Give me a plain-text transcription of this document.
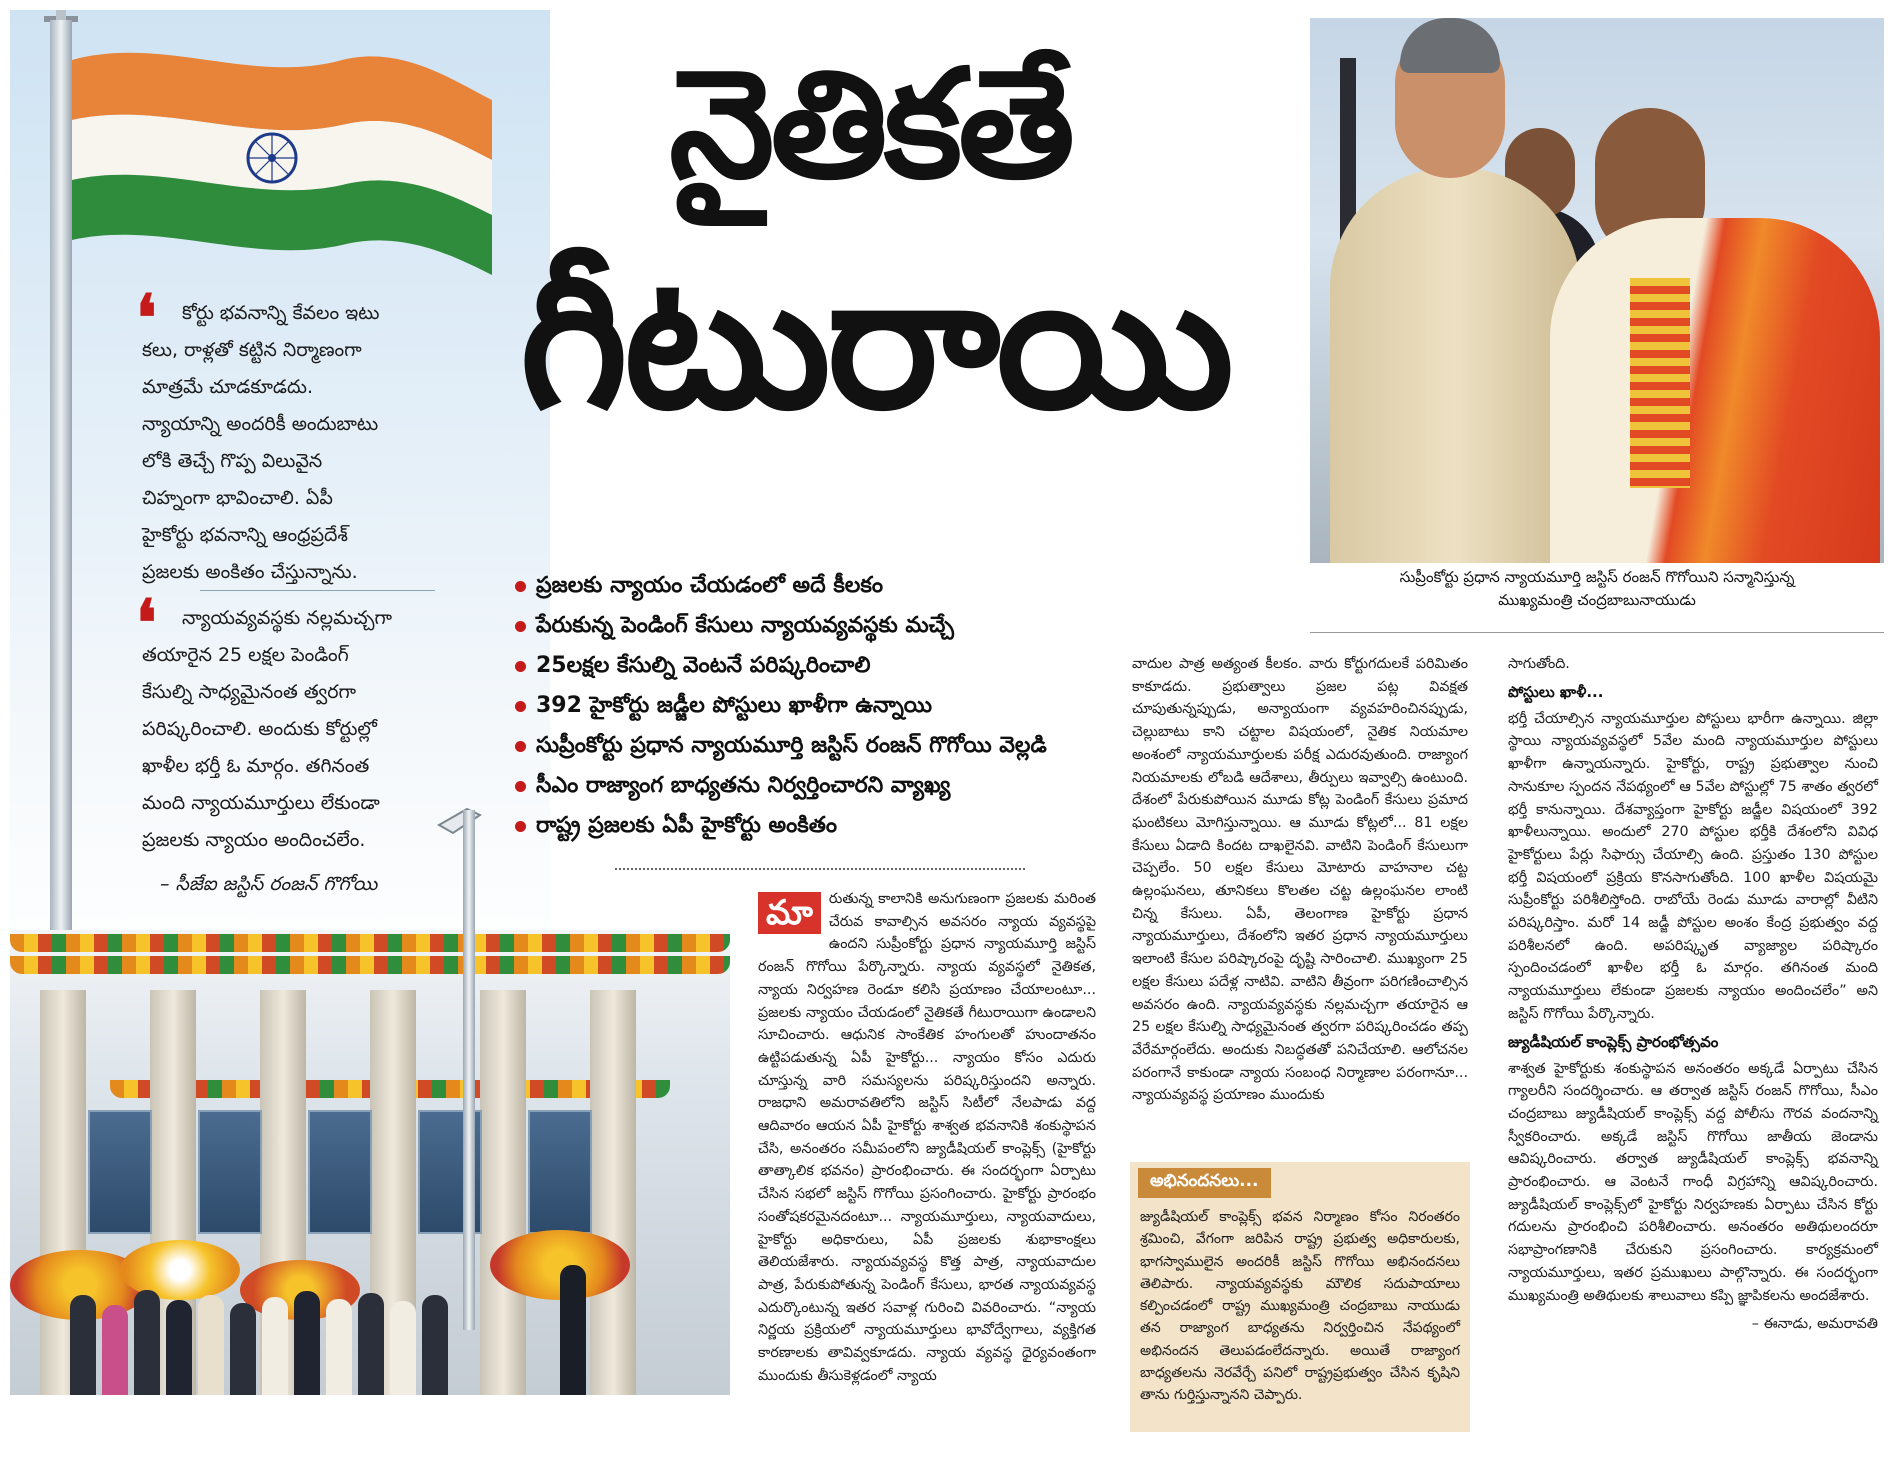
నైతికతే
గీటురాయి
❛	కోర్టు భవనాన్ని కేవలం ఇటు
కలు, రాళ్లతో కట్టిన నిర్మాణంగా
మాత్రమే చూడకూడదు.
న్యాయాన్ని అందరికీ అందుబాటు
లోకి తెచ్చే గొప్ప విలువైన
చిహ్నంగా భావించాలి. ఏపీ
హైకోర్టు భవనాన్ని ఆంధ్రప్రదేశ్‌
ప్రజలకు అంకితం చేస్తున్నాను.
❛	న్యాయవ్యవస్థకు నల్లమచ్చగా
తయారైన 25 లక్షల పెండింగ్‌
కేసుల్ని సాధ్యమైనంత త్వరగా
పరిష్కరించాలి. అందుకు కోర్టుల్లో
ఖాళీల భర్తీ ఓ మార్గం. తగినంత
మంది న్యాయమూర్తులు లేకుండా
ప్రజలకు న్యాయం అందించలేం.
– సీజేఐ జస్టిస్‌ రంజన్‌ గొగోయి
ప్రజలకు న్యాయం చేయడంలో అదే కీలకం
పేరుకున్న పెండింగ్‌ కేసులు న్యాయవ్యవస్థకు మచ్చే
25లక్షల కేసుల్ని వెంటనే పరిష్కరించాలి
392 హైకోర్టు జడ్జీల పోస్టులు ఖాళీగా ఉన్నాయి
సుప్రీంకోర్టు ప్రధాన న్యాయమూర్తి జస్టిస్‌ రంజన్‌ గొగోయి వెల్లడి
సీఎం రాజ్యాంగ బాధ్యతను నిర్వర్తించారని వ్యాఖ్య
రాష్ట్ర ప్రజలకు ఏపీ హైకోర్టు అంకితం
సుప్రీంకోర్టు ప్రధాన న్యాయమూర్తి జస్టిస్‌ రంజన్‌ గొగోయిని సన్మానిస్తున్న
ముఖ్యమంత్రి చంద్రబాబునాయుడు
మా	రుతున్న కాలానికి అనుగుణంగా ప్రజలకు మరింత చేరువ కావాల్సిన అవసరం న్యాయ వ్యవస్థపై ఉందని సుప్రీంకోర్టు ప్రధాన న్యాయమూర్తి జస్టిస్‌ రంజన్‌ గొగోయి పేర్కొన్నారు. న్యాయ వ్యవస్థలో నైతికత, న్యాయ నిర్వహణ రెండూ కలిసి ప్రయాణం చేయాలంటూ... ప్రజలకు న్యాయం చేయడంలో నైతికతే గీటురాయిగా ఉండాలని సూచించారు. ఆధునిక సాంకేతిక హంగులతో హుందాతనం ఉట్టిపడుతున్న ఏపీ హైకోర్టు... న్యాయం కోసం ఎదురు చూస్తున్న వారి సమస్యలను పరిష్కరిస్తుందని అన్నారు. రాజధాని అమరావతిలోని జస్టిస్‌ సిటీలో నేలపాడు వద్ద ఆదివారం ఆయన ఏపీ హైకోర్టు శాశ్వత భవనానికి శంకుస్థాపన చేసి, అనంతరం సమీపంలోని జ్యుడీషియల్‌ కాంప్లెక్స్‌ (హైకోర్టు తాత్కాలిక భవనం) ప్రారంభించారు. ఈ సందర్భంగా ఏర్పాటు చేసిన సభలో జస్టిస్‌ గొగోయి ప్రసంగించారు. హైకోర్టు ప్రారంభం సంతోషకరమైనదంటూ... న్యాయమూర్తులు, న్యాయవాదులు, హైకోర్టు అధికారులు, ఏపీ ప్రజలకు శుభాకాంక్షలు తెలియజేశారు. న్యాయవ్యవస్థ కొత్త పాత్ర, న్యాయవాదుల పాత్ర, పేరుకుపోతున్న పెండింగ్‌ కేసులు, భారత న్యాయవ్యవస్థ ఎదుర్కొంటున్న ఇతర సవాళ్ల గురించి వివరించారు. “న్యాయ నిర్ణయ ప్రక్రియలో న్యాయమూర్తులు భావోద్వేగాలు, వ్యక్తిగత కారణాలకు తావివ్వకూడదు. న్యాయ వ్యవస్థ ధైర్యవంతంగా ముందుకు తీసుకెళ్లడంలో న్యాయ

వాదుల పాత్ర అత్యంత కీలకం. వారు కోర్టుగదులకే పరిమితం కాకూడదు. ప్రభుత్వాలు ప్రజల పట్ల వివక్షత చూపుతున్నప్పుడు, అన్యాయంగా వ్యవహరించినప్పుడు, చెల్లుబాటు కాని చట్టాల విషయంలో, నైతిక నియమాల అంశంలో న్యాయమూర్తులకు పరీక్ష ఎదురవుతుంది. రాజ్యాంగ నియమాలకు లోబడి ఆదేశాలు, తీర్పులు ఇవ్వాల్సి ఉంటుంది. దేశంలో పేరుకుపోయిన మూడు కోట్ల పెండింగ్‌ కేసులు ప్రమాద ఘంటికలు మోగిస్తున్నాయి. ఆ మూడు కోట్లలో... 81 లక్షల కేసులు ఏడాది కిందట దాఖలైనవి. వాటిని పెండింగ్‌ కేసులుగా చెప్పలేం. 50 లక్షల కేసులు మోటారు వాహనాల చట్ట ఉల్లంఘనలు, తూనికలు కొలతల చట్ట ఉల్లంఘనల లాంటి చిన్న కేసులు. ఏపీ, తెలంగాణ హైకోర్టు ప్రధాన న్యాయమూర్తులు, దేశంలోని ఇతర ప్రధాన న్యాయమూర్తులు ఇలాంటి కేసుల పరిష్కారంపై దృష్టి సారించాలి. ముఖ్యంగా 25 లక్షల కేసులు పదేళ్ల నాటివి. వాటిని తీవ్రంగా పరిగణించాల్సిన అవసరం ఉంది. న్యాయవ్యవస్థకు నల్లమచ్చగా తయారైన ఆ 25 లక్షల కేసుల్ని సాధ్యమైనంత త్వరగా పరిష్కరించడం తప్ప వేరేమార్గంలేదు. అందుకు నిబద్ధతతో పనిచేయాలి. ఆలోచనల పరంగానే కాకుండా న్యాయ సంబంధ నిర్మాణాల పరంగానూ... న్యాయవ్యవస్థ ప్రయాణం ముందుకు

అభినందనలు...
జ్యుడీషియల్‌ కాంప్లెక్స్‌ భవన నిర్మాణం కోసం నిరంతరం శ్రమించి, వేగంగా జరిపిన రాష్ట్ర ప్రభుత్వ అధికారులకు, భాగస్వాములైన అందరికీ జస్టిస్‌ గొగోయి అభినందనలు తెలిపారు. న్యాయవ్యవస్థకు మౌలిక సదుపాయాలు కల్పించడంలో రాష్ట్ర ముఖ్యమంత్రి చంద్రబాబు నాయుడు తన రాజ్యాంగ బాధ్యతను నిర్వర్తించిన నేపథ్యంలో అభినందన తెలుపడంలేదన్నారు. అయితే రాజ్యాంగ బాధ్యతలను నెరవేర్చే పనిలో రాష్ట్రప్రభుత్వం చేసిన కృషిని తాను గుర్తిస్తున్నానని చెప్పారు.

సాగుతోంది.

పోస్టులు ఖాళీ...

భర్తీ చేయాల్సిన న్యాయమూర్తుల పోస్టులు భారీగా ఉన్నాయి. జిల్లా స్థాయి న్యాయవ్యవస్థలో 5వేల మంది న్యాయమూర్తుల పోస్టులు ఖాళీగా ఉన్నాయన్నారు. హైకోర్టు, రాష్ట్ర ప్రభుత్వాల నుంచి సానుకూల స్పందన నేపథ్యంలో ఆ 5వేల పోస్టుల్లో 75 శాతం త్వరలో భర్తీ కానున్నాయి. దేశవ్యాప్తంగా హైకోర్టు జడ్జీల విషయంలో 392 ఖాళీలున్నాయి. అందులో 270 పోస్టుల భర్తీకి దేశంలోని వివిధ హైకోర్టులు పేర్లు సిఫార్సు చేయాల్సి ఉంది. ప్రస్తుతం 130 పోస్టుల భర్తీ విషయంలో ప్రక్రియ కొనసాగుతోంది. 100 ఖాళీల విషయమై సుప్రీంకోర్టు పరిశీలిస్తోంది. రాబోయే రెండు మూడు వారాల్లో వీటిని పరిష్కరిస్తాం. మరో 14 జడ్జీ పోస్టుల అంశం కేంద్ర ప్రభుత్వం వద్ద పరిశీలనలో ఉంది. అపరిష్కృత వ్యాజ్యాల పరిష్కారం స్పందించడంలో ఖాళీల భర్తీ ఓ మార్గం. తగినంత మంది న్యాయమూర్తులు లేకుండా ప్రజలకు న్యాయం అందించలేం” అని జస్టిస్‌ గొగోయి పేర్కొన్నారు.

జ్యుడీషియల్‌ కాంప్లెక్స్‌ ప్రారంభోత్సవం

శాశ్వత హైకోర్టుకు శంకుస్థాపన అనంతరం అక్కడే ఏర్పాటు చేసిన గ్యాలరీని సందర్శించారు. ఆ తర్వాత జస్టిస్‌ రంజన్‌ గొగోయి, సీఎం చంద్రబాబు జ్యుడీషియల్‌ కాంప్లెక్స్‌ వద్ద పోలీసు గౌరవ వందనాన్ని స్వీకరించారు. అక్కడే జస్టిస్‌ గొగోయి జాతీయ జెండాను ఆవిష్కరించారు. తర్వాత జ్యుడీషియల్‌ కాంప్లెక్స్‌ భవనాన్ని ప్రారంభించారు. ఆ వెంటనే గాంధీ విగ్రహాన్ని ఆవిష్కరించారు. జ్యుడీషియల్‌ కాంప్లెక్స్‌లో హైకోర్టు నిర్వహణకు ఏర్పాటు చేసిన కోర్టు గదులను ప్రారంభించి పరిశీలించారు. అనంతరం అతిథులందరూ సభాప్రాంగణానికి చేరుకుని ప్రసంగించారు. కార్యక్రమంలో న్యాయమూర్తులు, ఇతర ప్రముఖులు పాల్గొన్నారు. ఈ సందర్భంగా ముఖ్యమంత్రి అతిథులకు శాలువాలు కప్పి జ్ఞాపికలను అందజేశారు.

– ఈనాడు, అమరావతి
